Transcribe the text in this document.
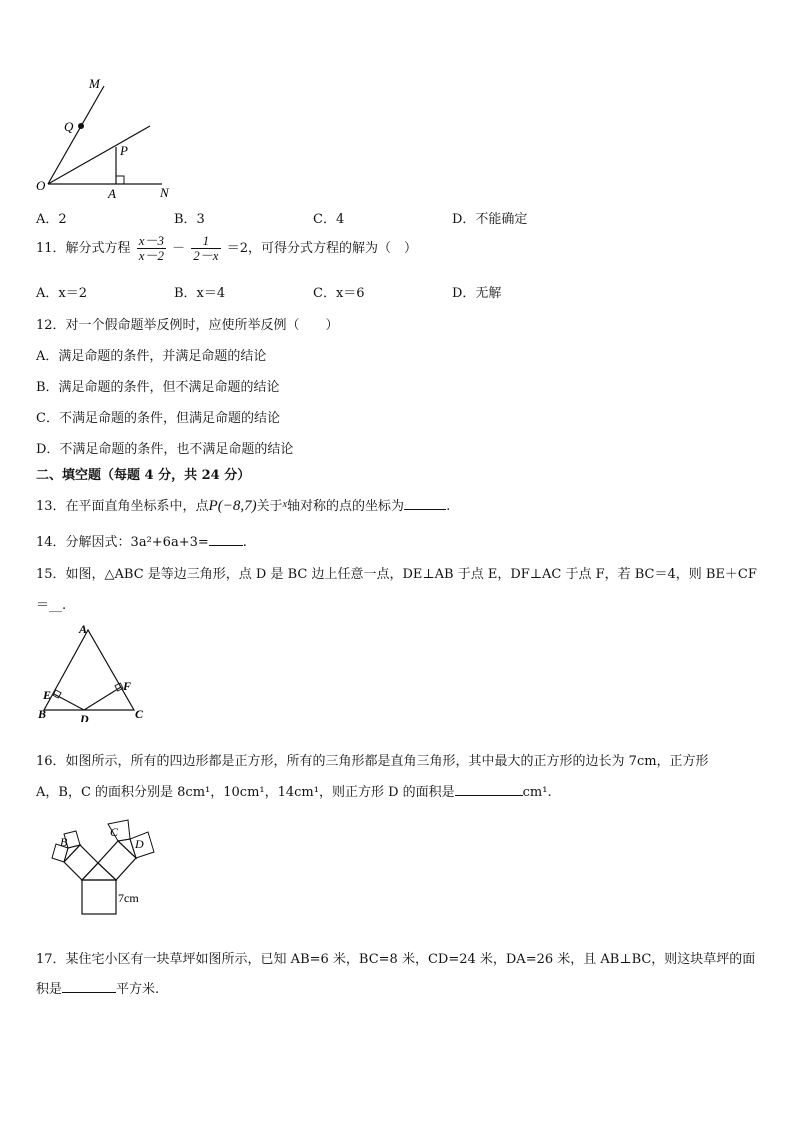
M
Q
P
O
A	N
A．2	B．3	C．4	D．不能确定
11．解分式方程 $\frac{x-3}{x-2} - \frac{1}{2-x} =2$，可得分式方程的解为（　）
A．x＝2	B．x＝4	C．x＝6	D．无解
12．对一个假命题举反例时，应使所举反例（　　）
A．满足命题的条件，并满足命题的结论
B．满足命题的条件，但不满足命题的结论
C．不满足命题的条件，但满足命题的结论
D．不满足命题的条件，也不满足命题的结论
二、填空题（每题 4 分，共 24 分）
13．在平面直角坐标系中，点P(−8,7)关于$^x$轴对称的点的坐标为	.
14．分解因式：3a²+6a+3=	.
15．如图，△ABC 是等边三角形，点 D 是 BC 边上任意一点，DE⊥AB 于点 E，DF⊥AC 于点 F，若 BC＝4，则 BE＋CF
＝__.
A
B	C
D
E
F
16．如图所示，所有的四边形都是正方形，所有的三角形都是直角三角形，其中最大的正方形的边长为 7cm，正方形
A，B，C 的面积分别是 8cm¹，10cm¹，14cm¹，则正方形 D 的面积是	cm¹.
B
C
D
7cm
17．某住宅小区有一块草坪如图所示，已知 AB=6 米，BC=8 米，CD=24 米，DA=26 米，且 AB⊥BC，则这块草坪的面
积是	平方米.
